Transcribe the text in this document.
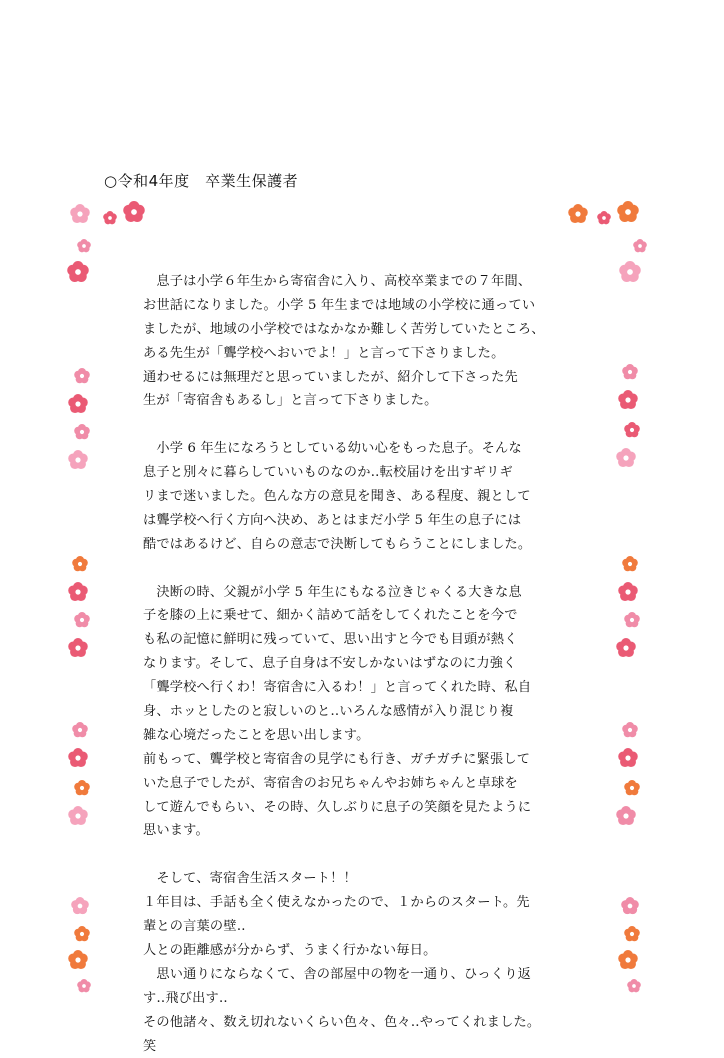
○令和4年度　卒業生保護者
　息子は小学６年生から寄宿舎に入り、高校卒業までの７年間、
お世話になりました。小学 5 年生までは地域の小学校に通ってい
ましたが、地域の小学校ではなかなか難しく苦労していたところ、
ある先生が「聾学校へおいでよ！」と言って下さりました。
通わせるには無理だと思っていましたが、紹介して下さった先
生が「寄宿舎もあるし」と言って下さりました。
　小学 6 年生になろうとしている幼い心をもった息子。そんな
息子と別々に暮らしていいものなのか‥転校届けを出すギリギ
リまで迷いました。色んな方の意見を聞き、ある程度、親として
は聾学校へ行く方向へ決め、あとはまだ小学 5 年生の息子には
酷ではあるけど、自らの意志で決断してもらうことにしました。
　決断の時、父親が小学 5 年生にもなる泣きじゃくる大きな息
子を膝の上に乗せて、細かく詰めて話をしてくれたことを今で
も私の記憶に鮮明に残っていて、思い出すと今でも目頭が熱く
なります。そして、息子自身は不安しかないはずなのに力強く
「聾学校へ行くわ！寄宿舎に入るわ！」と言ってくれた時、私自
身、ホッとしたのと寂しいのと‥いろんな感情が入り混じり複
雑な心境だったことを思い出します。
前もって、聾学校と寄宿舎の見学にも行き、ガチガチに緊張して
いた息子でしたが、寄宿舎のお兄ちゃんやお姉ちゃんと卓球を
して遊んでもらい、その時、久しぶりに息子の笑顔を見たように
思います。
　そして、寄宿舎生活スタート！！
１年目は、手話も全く使えなかったので、１からのスタート。先
輩との言葉の壁‥
人との距離感が分からず、うまく行かない毎日。
　思い通りにならなくて、舎の部屋中の物を一通り、ひっくり返
す‥飛び出す‥
その他諸々、数え切れないくらい色々、色々‥やってくれました。
笑
